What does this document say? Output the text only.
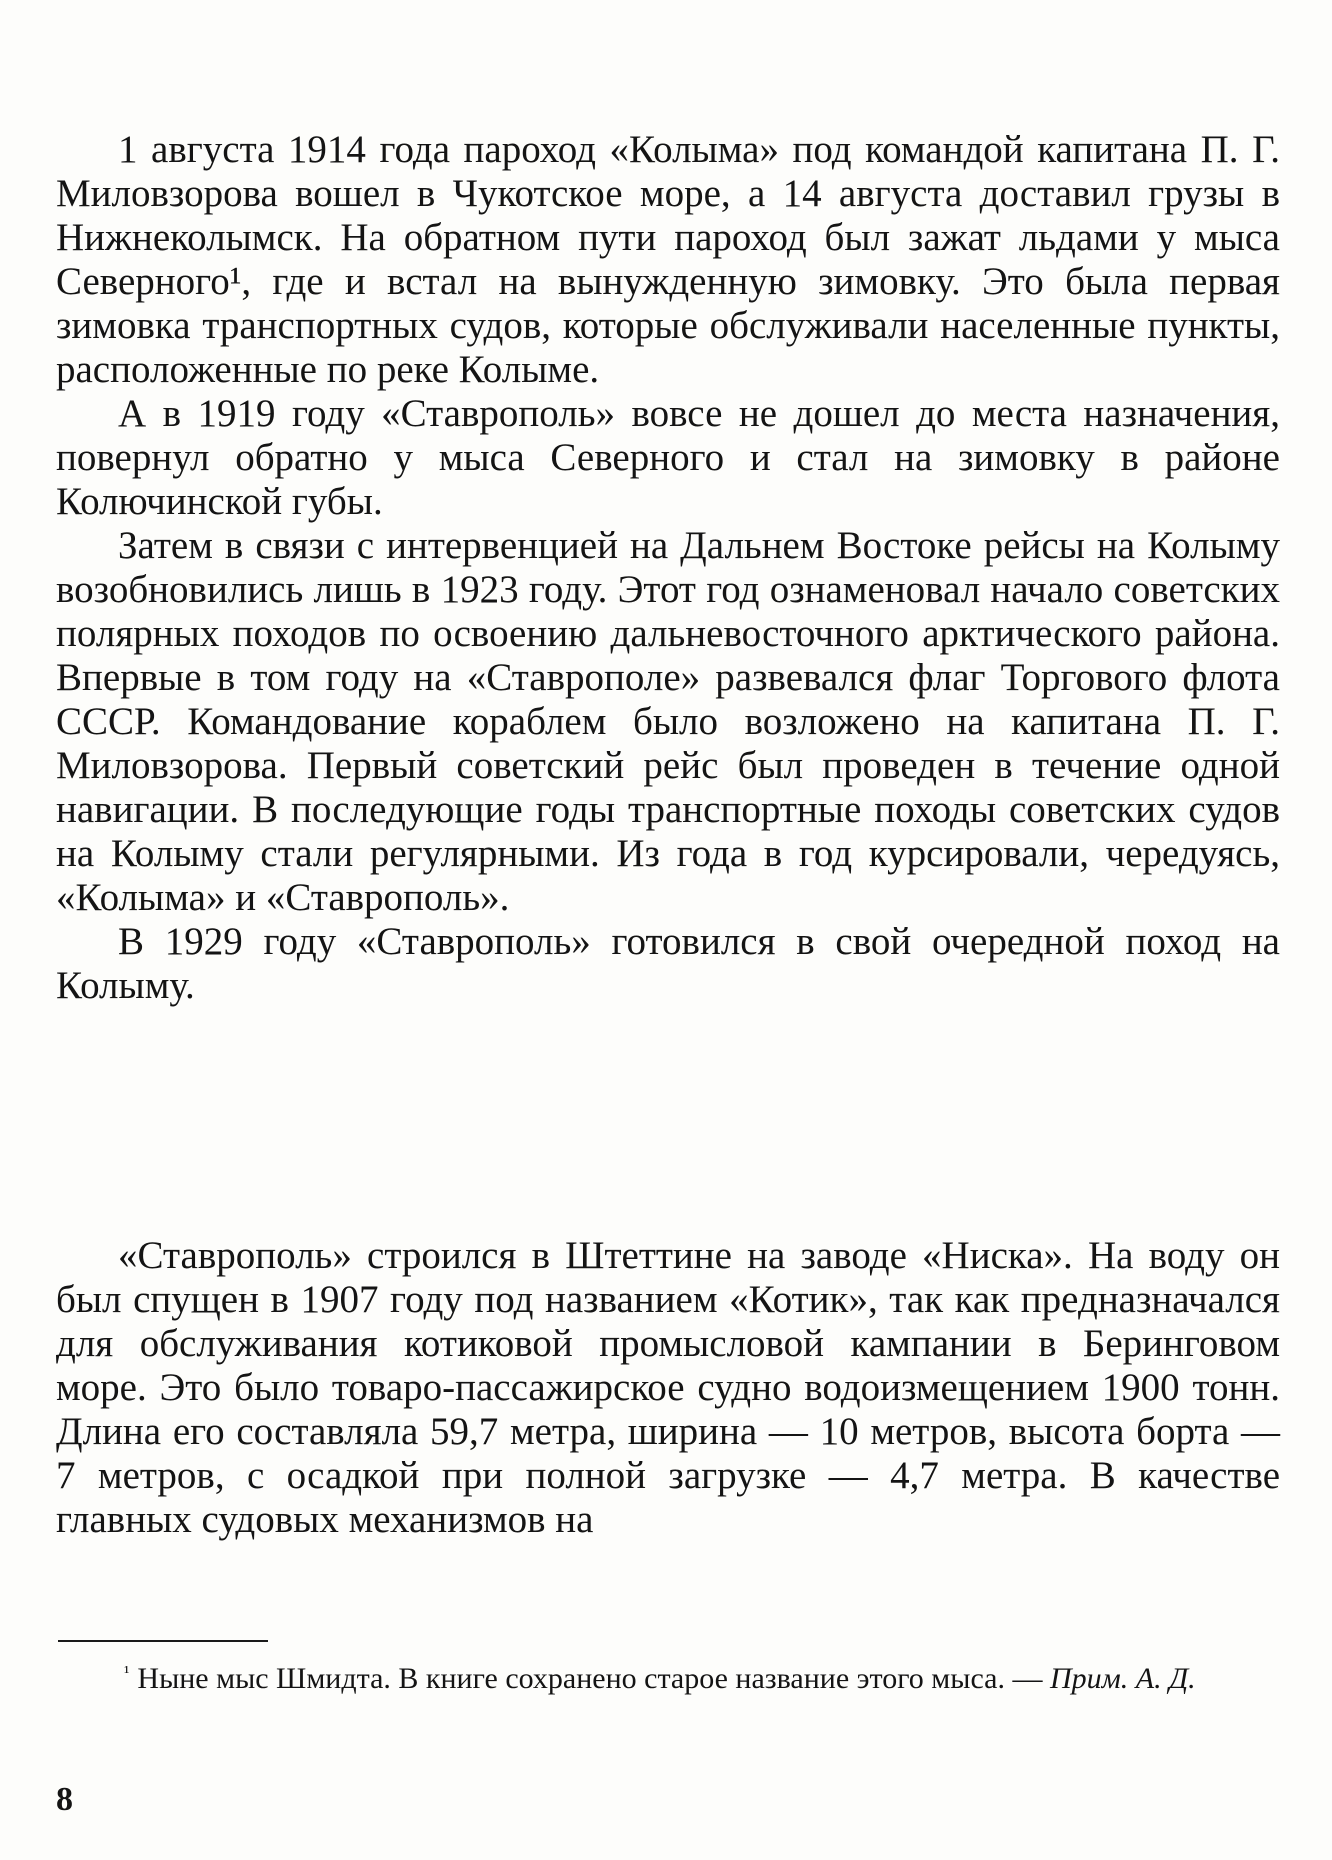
1 августа 1914 года пароход «Колыма» под командой капитана П. Г. Миловзорова вошел в Чукотское море, а 14 августа доставил грузы в Нижнеколымск. На обратном пути пароход был зажат льдами у мыса Северного¹, где и встал на вынужденную зимовку. Это была первая зимовка транспортных судов, которые обслуживали населенные пункты, расположенные по реке Колыме.

А в 1919 году «Ставрополь» вовсе не дошел до места назначения, повернул обратно у мыса Северного и стал на зимовку в районе Колючинской губы.

Затем в связи с интервенцией на Дальнем Востоке рейсы на Колыму возобновились лишь в 1923 году. Этот год ознаменовал начало советских полярных походов по освоению дальневосточного арктического района. Впервые в том году на «Ставрополе» развевался флаг Торгового флота СССР. Командование кораблем было возложено на капитана П. Г. Миловзорова. Первый советский рейс был проведен в течение одной навигации. В последующие годы транспортные походы советских судов на Колыму стали регулярными. Из года в год курсировали, чередуясь, «Колыма» и «Ставрополь».

В 1929 году «Ставрополь» готовился в свой очередной поход на Колыму.

«Ставрополь» строился в Штеттине на заводе «Ниска». На воду он был спущен в 1907 году под названием «Котик», так как предназначался для обслуживания котиковой промысловой кампании в Беринговом море. Это было товаро-пассажирское судно водоизмещением 1900 тонн. Длина его составляла 59,7 метра, ширина — 10 метров, высота борта — 7 метров, с осадкой при полной загрузке — 4,7 метра. В качестве главных судовых механизмов на

$^{^1}$ Ныне мыс Шмидта. В книге сохранено старое название этого мыса. — Прим. А. Д.

8
